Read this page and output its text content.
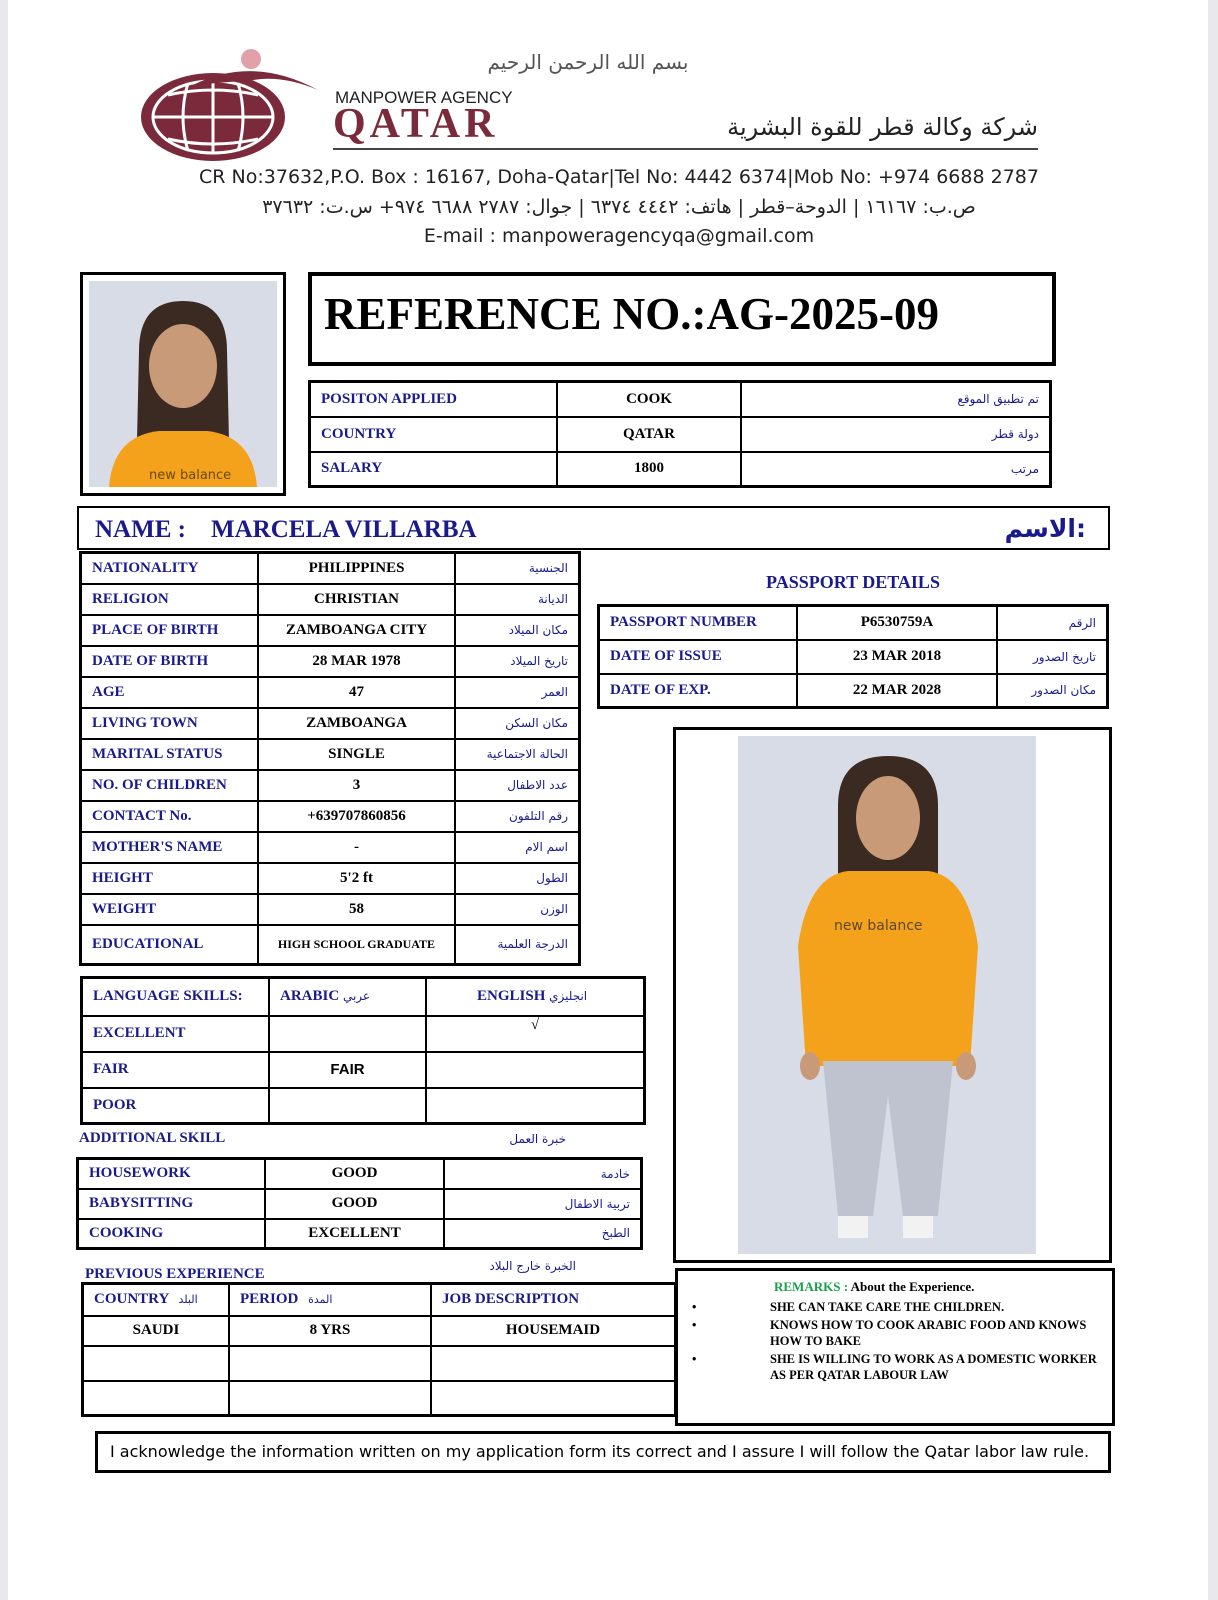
بسم الله الرحمن الرحيم
MANPOWER AGENCY
QATAR	شركة وكالة قطر للقوة البشرية
CR No:37632,P.O. Box : 16167, Doha-Qatar|Tel No: 4442 6374|Mob No: +974 6688 2787
ص.ب: ١٦١٦٧ | الدوحة–قطر | هاتف: ٤٤٤٢ ٦٣٧٤ | جوال: ٢٧٨٧ ٦٦٨٨ ٩٧٤+ س.ت: ٣٧٦٣٢
E-mail : manpoweragencyqa@gmail.com
new balance
REFERENCE NO.:AG-2025-09
POSITON APPLIED	COOK	تم تطبيق الموقع
COUNTRY	QATAR	دولة قطر
SALARY	1800	مرتب
NAME : MARCELA VILLARBA	الاسم:
NATIONALITY	PHILIPPINES	الجنسية
RELIGION	CHRISTIAN	الديانة
PLACE OF BIRTH	ZAMBOANGA CITY	مكان الميلاد
DATE OF BIRTH	28 MAR 1978	تاريخ الميلاد
AGE	47	العمر
LIVING TOWN	ZAMBOANGA	مكان السكن
MARITAL STATUS	SINGLE	الحالة الاجتماعية
NO. OF CHILDREN	3	عدد الاطفال
CONTACT No.	+639707860856	رقم التلفون
MOTHER'S NAME	-	اسم الام
HEIGHT	5'2 ft	الطول
WEIGHT	58	الوزن
EDUCATIONAL	HIGH SCHOOL GRADUATE	الدرجة العلمية
PASSPORT DETAILS
PASSPORT NUMBER	P6530759A	الرقم
DATE OF ISSUE	23 MAR 2018	تاريخ الصدور
DATE OF EXP.	22 MAR 2028	مكان الصدور
new balance
LANGUAGE SKILLS:	ARABIC عربي	ENGLISH انجليزي
EXCELLENT		√
FAIR	FAIR	
POOR		
ADDITIONAL SKILL	خبرة العمل
HOUSEWORK	GOOD	خادمة
BABYSITTING	GOOD	تربية الاطفال
COOKING	EXCELLENT	الطبخ
PREVIOUS EXPERIENCE	الخبرة خارج البلاد
COUNTRY البلد	PERIOD المدة	JOB DESCRIPTION
SAUDI	8 YRS	HOUSEMAID

REMARKS : About the Experience.
•	SHE CAN TAKE CARE THE CHILDREN.
•	KNOWS HOW TO COOK ARABIC FOOD AND KNOWS HOW TO BAKE
•	SHE IS WILLING TO WORK AS A DOMESTIC WORKER AS PER QATAR LABOUR LAW
I acknowledge the information written on my application form its correct and I assure I will follow the Qatar labor law rule.
